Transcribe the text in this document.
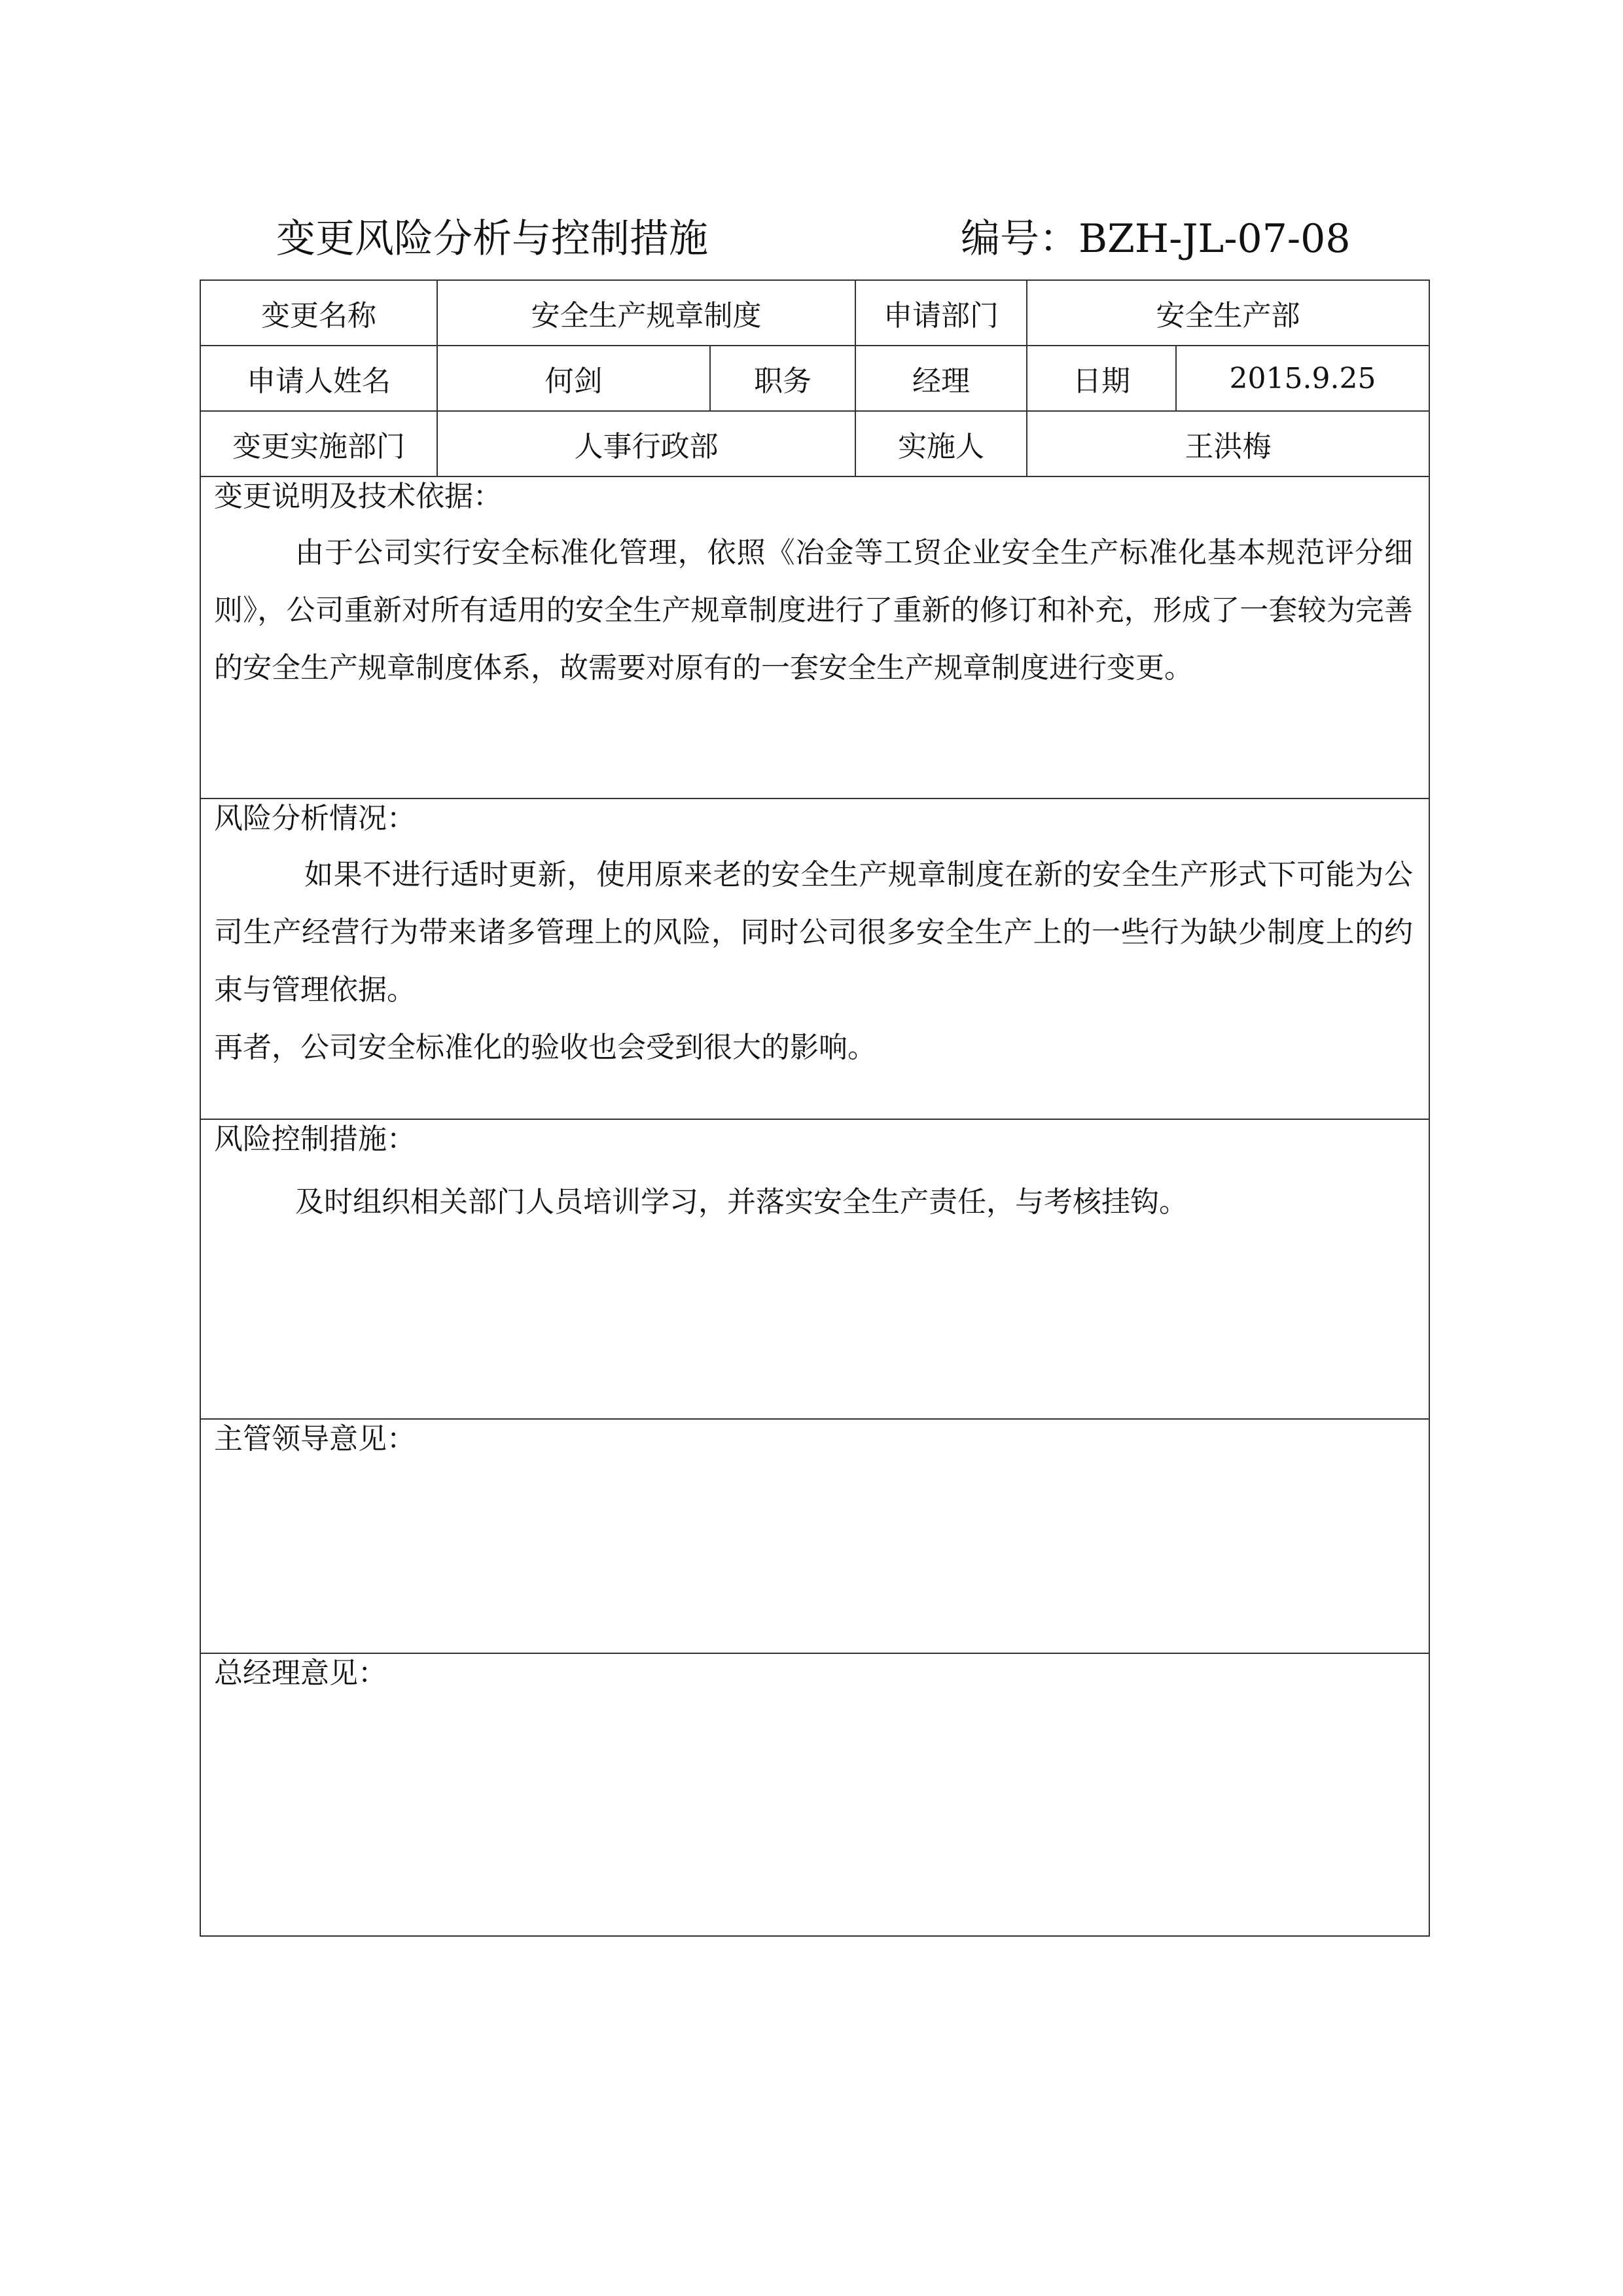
变更风险分析与控制措施	编号：BZH-JL-07-08
变更名称	安全生产规章制度		申请部门	安全生产部	
申请人姓名	何剑	职务	经理	日期	2015.9.25
变更实施部门	人事行政部		实施人	王洪梅	

变更说明及技术依据：
由于公司实行安全标准化管理，依照《冶金等工贸企业安全生产标准化基本规范评分细则》，公司重新对所有适用的安全生产规章制度进行了重新的修订和补充，形成了一套较为完善的安全生产规章制度体系，故需要对原有的一套安全生产规章制度进行变更。					

风险分析情况：
如果不进行适时更新，使用原来老的安全生产规章制度在新的安全生产形式下可能为公司生产经营行为带来诸多管理上的风险，同时公司很多安全生产上的一些行为缺少制度上的约束与管理依据。
再者，公司安全标准化的验收也会受到很大的影响。					

风险控制措施：
及时组织相关部门人员培训学习，并落实安全生产责任，与考核挂钩。					

主管领导意见：					

总经理意见：					
